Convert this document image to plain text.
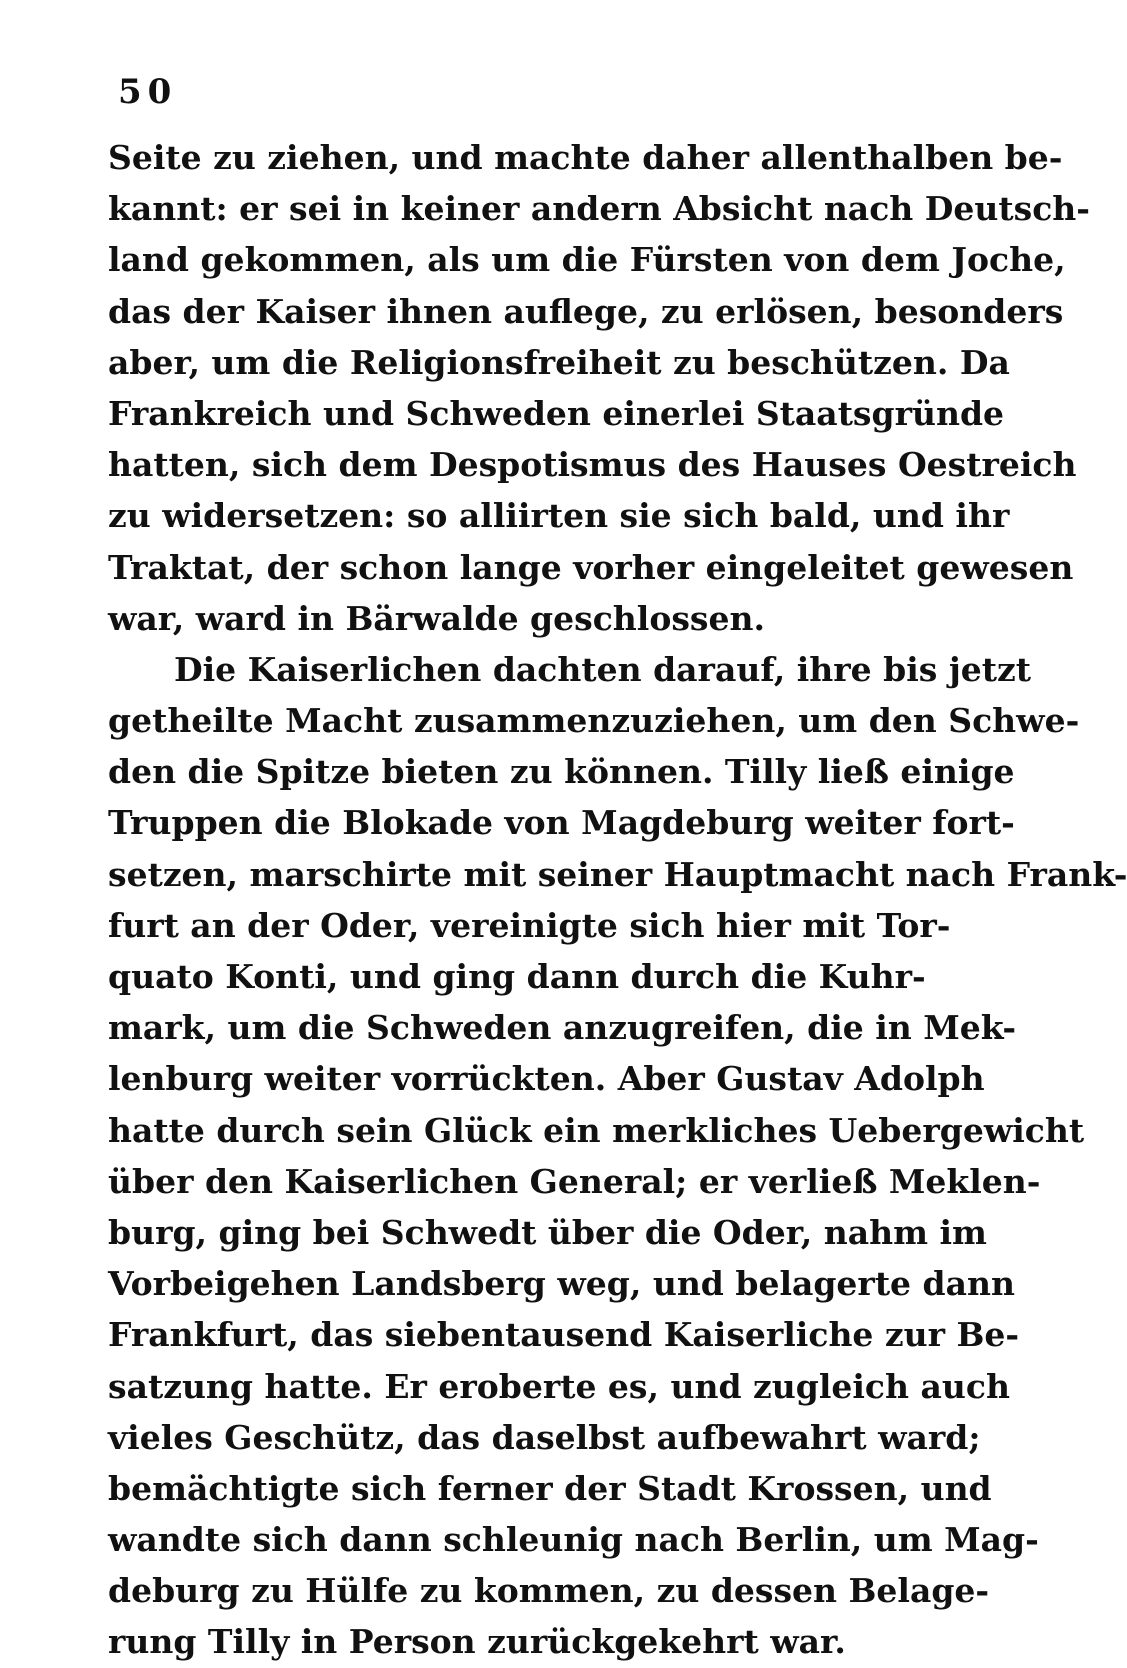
50
Seite zu ziehen, und machte daher allenthalben be-
kannt: er sei in keiner andern Absicht nach Deutsch-
land gekommen, als um die Fürsten von dem Joche,
das der Kaiser ihnen auflege, zu erlösen, besonders
aber, um die Religionsfreiheit zu beschützen. Da
Frankreich und Schweden einerlei Staatsgründe
hatten, sich dem Despotismus des Hauses Oestreich
zu widersetzen: so alliirten sie sich bald, und ihr
Traktat, der schon lange vorher eingeleitet gewesen
war, ward in Bärwalde geschlossen.
Die Kaiserlichen dachten darauf, ihre bis jetzt
getheilte Macht zusammenzuziehen, um den Schwe-
den die Spitze bieten zu können. Tilly ließ einige
Truppen die Blokade von Magdeburg weiter fort-
setzen, marschirte mit seiner Hauptmacht nach Frank-
furt an der Oder, vereinigte sich hier mit Tor-
quato Konti, und ging dann durch die Kuhr-
mark, um die Schweden anzugreifen, die in Mek-
lenburg weiter vorrückten. Aber Gustav Adolph
hatte durch sein Glück ein merkliches Uebergewicht
über den Kaiserlichen General; er verließ Meklen-
burg, ging bei Schwedt über die Oder, nahm im
Vorbeigehen Landsberg weg, und belagerte dann
Frankfurt, das siebentausend Kaiserliche zur Be-
satzung hatte. Er eroberte es, und zugleich auch
vieles Geschütz, das daselbst aufbewahrt ward;
bemächtigte sich ferner der Stadt Krossen, und
wandte sich dann schleunig nach Berlin, um Mag-
deburg zu Hülfe zu kommen, zu dessen Belage-
rung Tilly in Person zurückgekehrt war.
